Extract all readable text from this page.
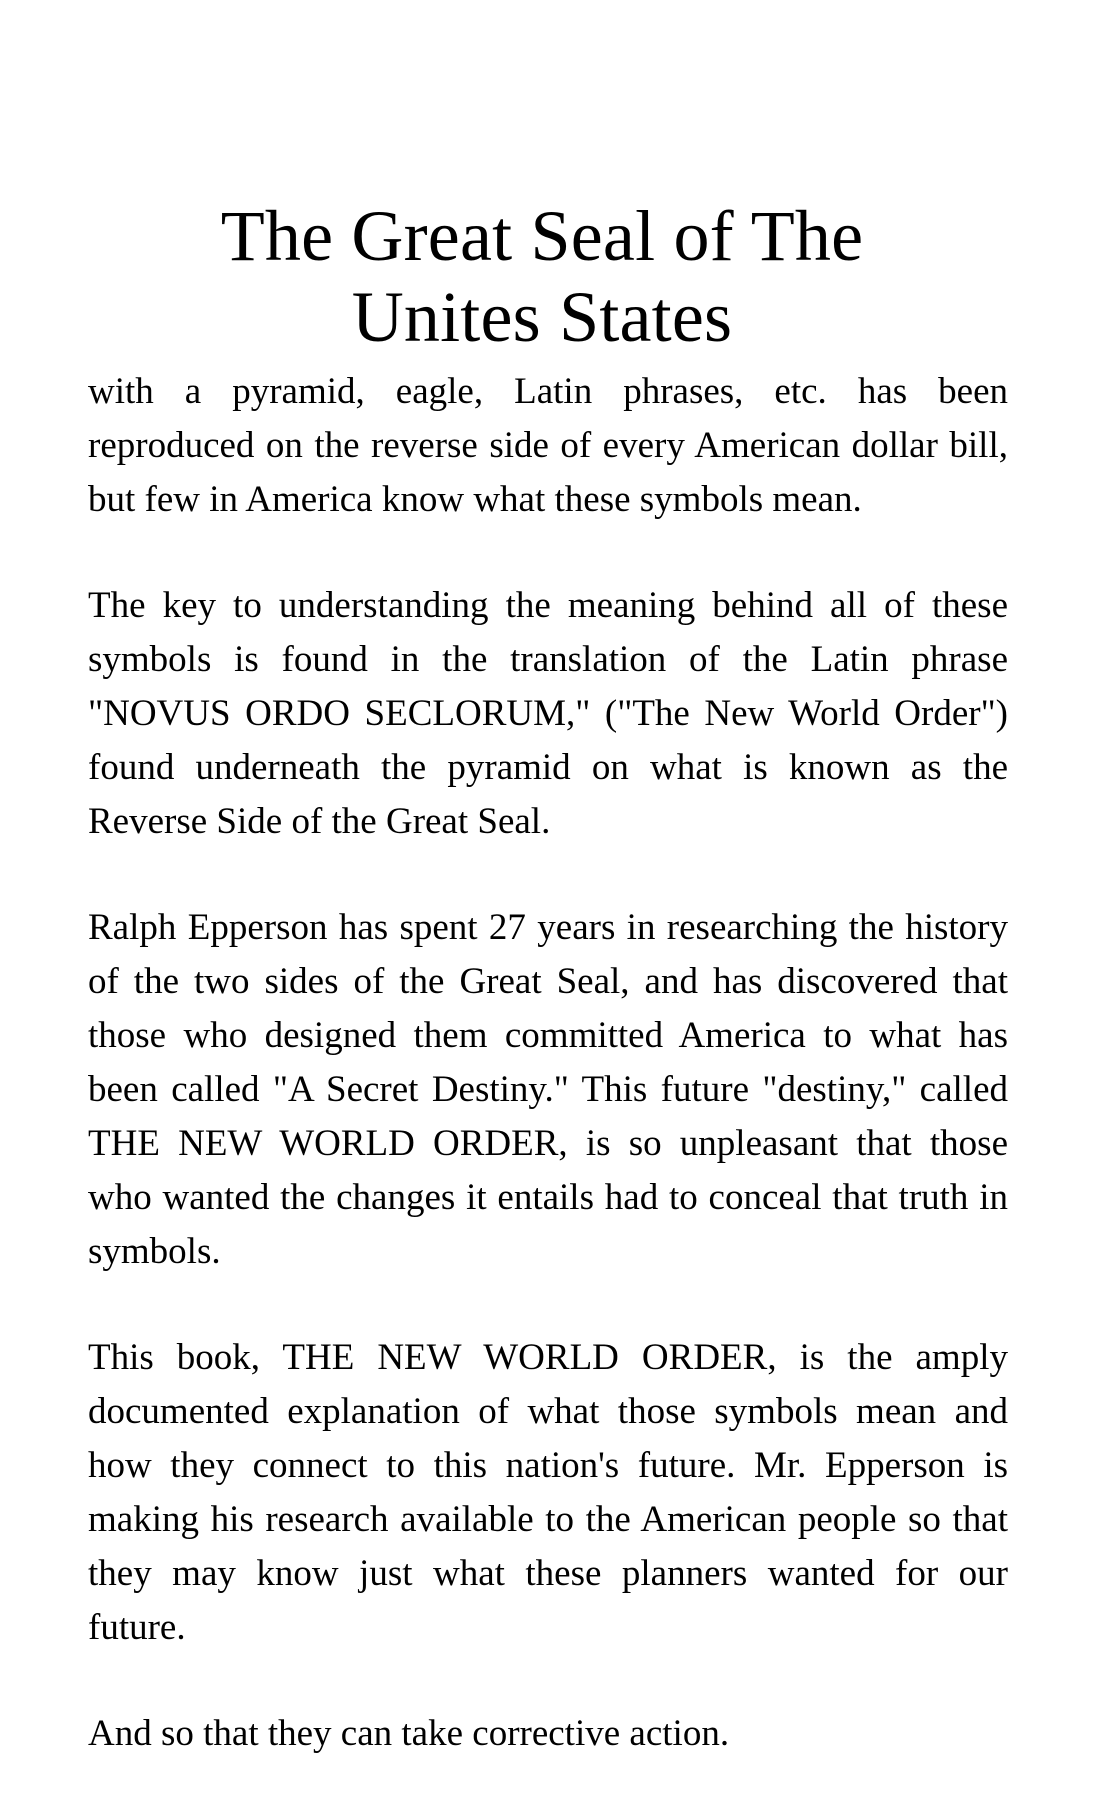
The Great Seal of The
Unites States

with a pyramid, eagle, Latin phrases, etc. has been reproduced on the reverse side of every American dollar bill, but few in America know what these symbols mean.

The key to understanding the meaning behind all of these symbols is found in the translation of the Latin phrase "NOVUS ORDO SECLORUM," ("The New World Order") found underneath the pyramid on what is known as the Reverse Side of the Great Seal.

Ralph Epperson has spent 27 years in researching the history of the two sides of the Great Seal, and has discovered that those who designed them committed America to what has been called "A Secret Destiny." This future "destiny," called THE NEW WORLD ORDER, is so unpleasant that those who wanted the changes it entails had to conceal that truth in symbols.

This book, THE NEW WORLD ORDER, is the amply documented explanation of what those symbols mean and how they connect to this nation's future. Mr. Epperson is making his research available to the American people so that they may know just what these planners wanted for our future.

And so that they can take corrective action.
